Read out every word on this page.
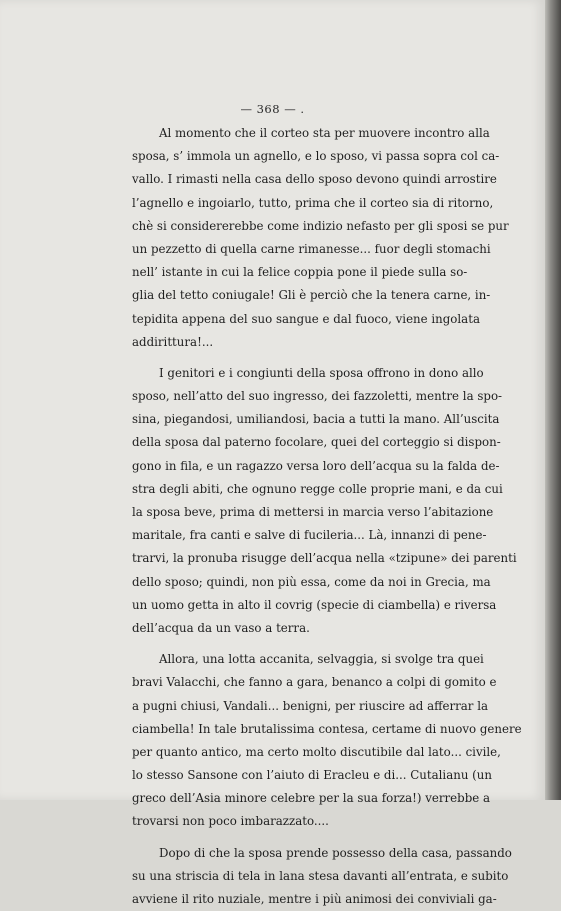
— 368 — .
Al momento che il corteo sta per muovere incontro alla
sposa, s’ immola un agnello, e lo sposo, vi passa sopra col ca-
vallo. I rimasti nella casa dello sposo devono quindi arrostire
l’agnello e ingoiarlo, tutto, prima che il corteo sia di ritorno,
chè si considererebbe come indizio nefasto per gli sposi se pur
un pezzetto di quella carne rimanesse... fuor degli stomachi
nell’ istante in cui la felice coppia pone il piede sulla so-
glia del tetto coniugale! Gli è perciò che la tenera carne, in-
tepidita appena del suo sangue e dal fuoco, viene ingolata
addirittura!...
I genitori e i congiunti della sposa offrono in dono allo
sposo, nell’atto del suo ingresso, dei fazzoletti, mentre la spo-
sina, piegandosi, umiliandosi, bacia a tutti la mano. All’uscita
della sposa dal paterno focolare, quei del corteggio si dispon-
gono in fila, e un ragazzo versa loro dell’acqua su la falda de-
stra degli abiti, che ognuno regge colle proprie mani, e da cui
la sposa beve, prima di mettersi in marcia verso l’abitazione
maritale, fra canti e salve di fucileria... Là, innanzi di pene-
trarvi, la pronuba risugge dell’acqua nella «tzipune» dei parenti
dello sposo; quindi, non più essa, come da noi in Grecia, ma
un uomo getta in alto il covrig (specie di ciambella) e riversa
dell’acqua da un vaso a terra.
Allora, una lotta accanita, selvaggia, si svolge tra quei
bravi Valacchi, che fanno a gara, benanco a colpi di gomito e
a pugni chiusi, Vandali... benigni, per riuscire ad afferrar la
ciambella! In tale brutalissima contesa, certame di nuovo genere
per quanto antico, ma certo molto discutibile dal lato... civile,
lo stesso Sansone con l’aiuto di Eracleu e di... Cutalianu (un
greco dell’Asia minore celebre per la sua forza!) verrebbe a
trovarsi non poco imbarazzato....
Dopo di che la sposa prende possesso della casa, passando
su una striscia di tela in lana stesa davanti all’entrata, e subito
avviene il rito nuziale, mentre i più animosi dei conviviali ga-
